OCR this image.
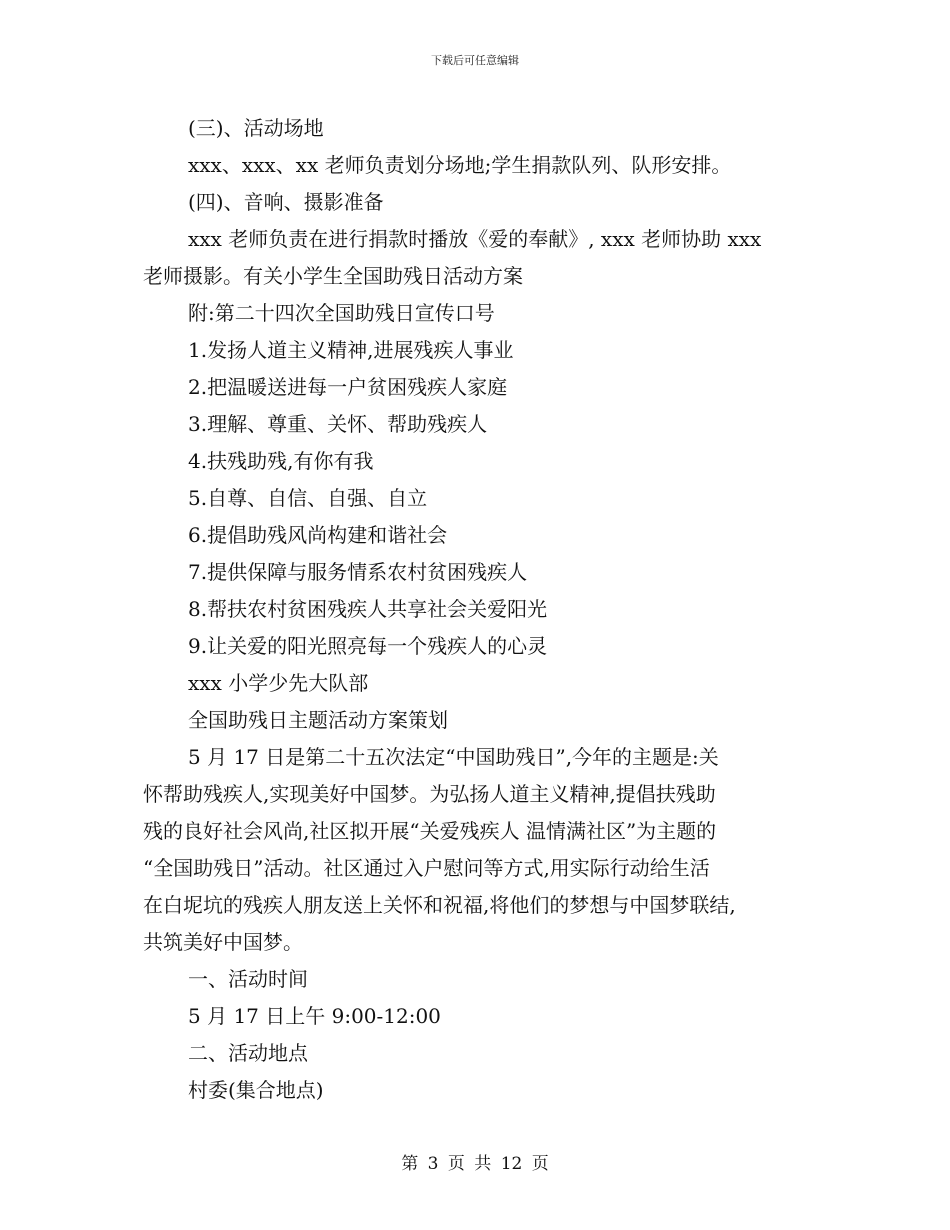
下载后可任意编辑
(三)、活动场地
xxx、xxx、xx 老师负责划分场地;学生捐款队列、队形安排。
(四)、音响、摄影准备
xxx 老师负责在进行捐款时播放《爱的奉献》, xxx 老师协助 xxx
老师摄影。有关小学生全国助残日活动方案
附:第二十四次全国助残日宣传口号
1.发扬人道主义精神,进展残疾人事业
2.把温暖送进每一户贫困残疾人家庭
3.理解、尊重、关怀、帮助残疾人
4.扶残助残,有你有我
5.自尊、自信、自强、自立
6.提倡助残风尚构建和谐社会
7.提供保障与服务情系农村贫困残疾人
8.帮扶农村贫困残疾人共享社会关爱阳光
9.让关爱的阳光照亮每一个残疾人的心灵
xxx 小学少先大队部
全国助残日主题活动方案策划
5 月 17 日是第二十五次法定“中国助残日”,今年的主题是:关
怀帮助残疾人,实现美好中国梦。为弘扬人道主义精神,提倡扶残助
残的良好社会风尚,社区拟开展“关爱残疾人 温情满社区”为主题的
“全国助残日”活动。社区通过入户慰问等方式,用实际行动给生活
在白坭坑的残疾人朋友送上关怀和祝福,将他们的梦想与中国梦联结,
共筑美好中国梦。
一、活动时间
5 月 17 日上午 9:00-12:00
二、活动地点
村委(集合地点)
第 3 页 共 12 页
